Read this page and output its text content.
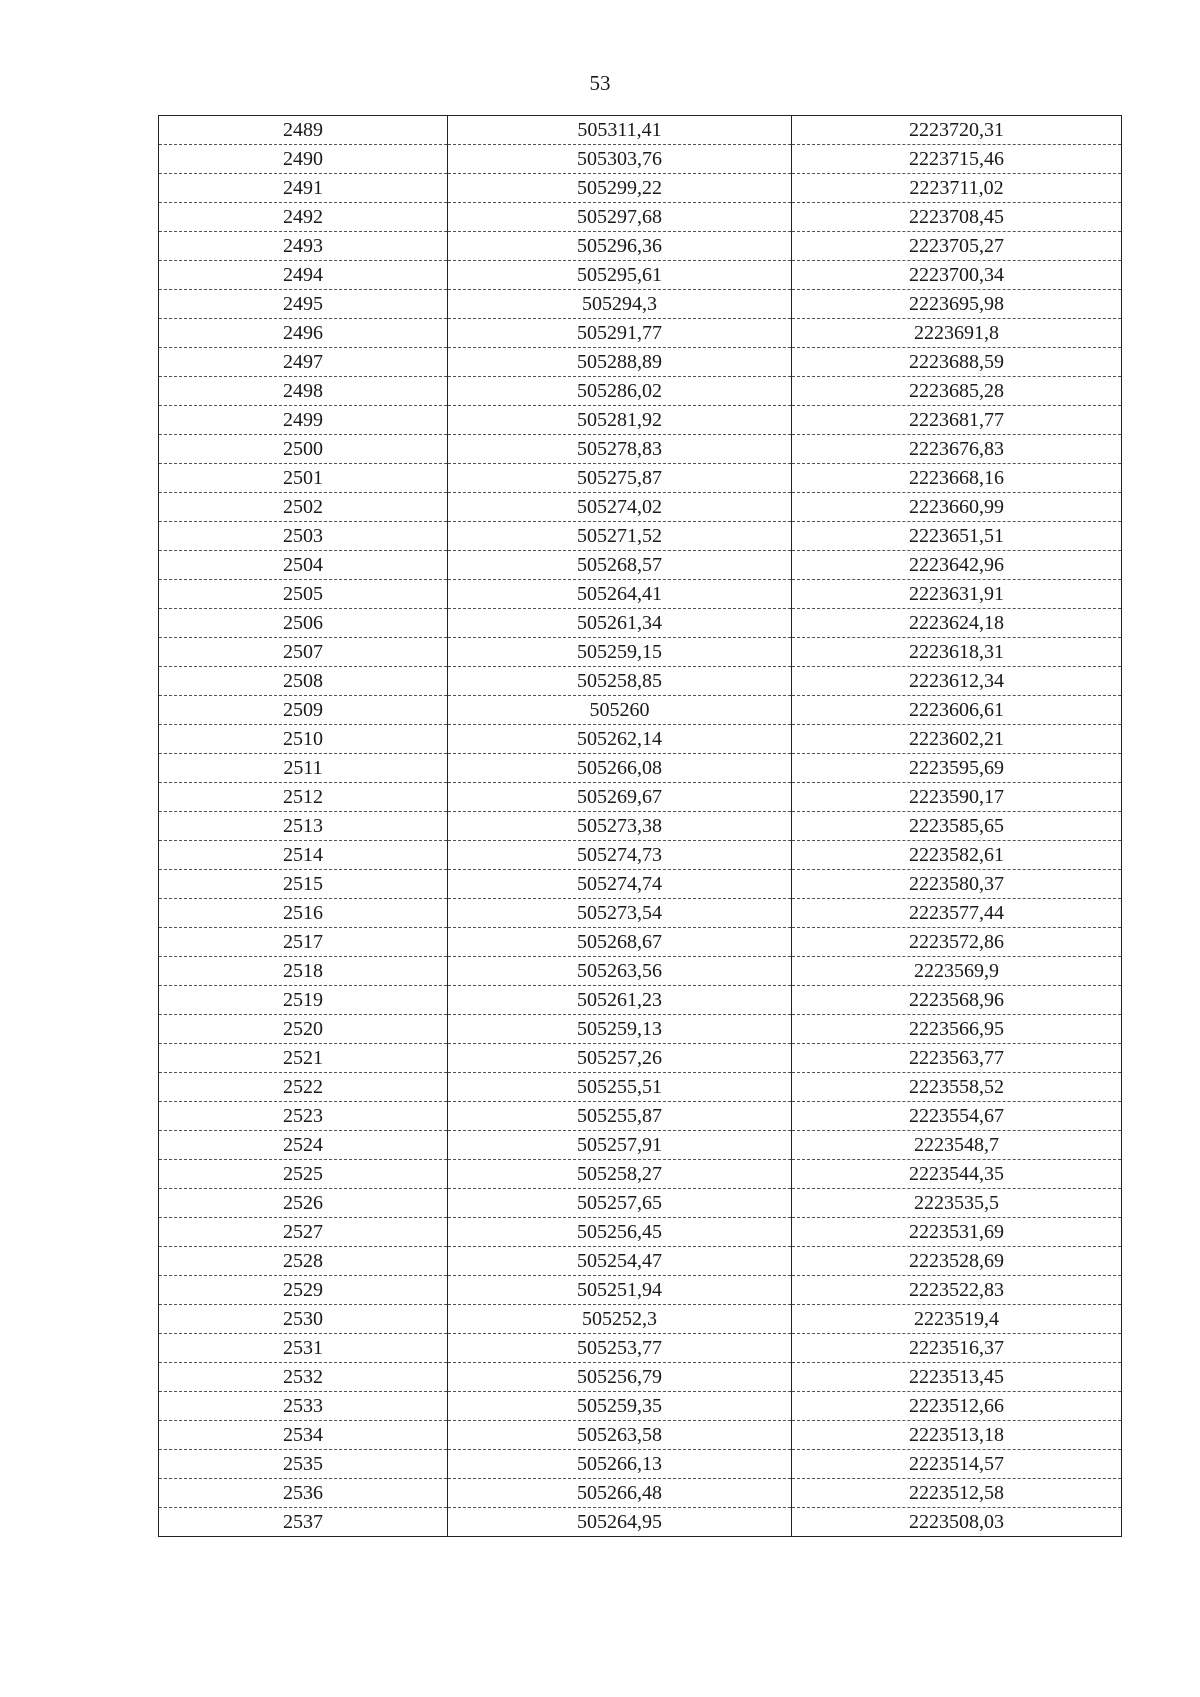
53
2489	505311,41	2223720,31
2490	505303,76	2223715,46
2491	505299,22	2223711,02
2492	505297,68	2223708,45
2493	505296,36	2223705,27
2494	505295,61	2223700,34
2495	505294,3	2223695,98
2496	505291,77	2223691,8
2497	505288,89	2223688,59
2498	505286,02	2223685,28
2499	505281,92	2223681,77
2500	505278,83	2223676,83
2501	505275,87	2223668,16
2502	505274,02	2223660,99
2503	505271,52	2223651,51
2504	505268,57	2223642,96
2505	505264,41	2223631,91
2506	505261,34	2223624,18
2507	505259,15	2223618,31
2508	505258,85	2223612,34
2509	505260	2223606,61
2510	505262,14	2223602,21
2511	505266,08	2223595,69
2512	505269,67	2223590,17
2513	505273,38	2223585,65
2514	505274,73	2223582,61
2515	505274,74	2223580,37
2516	505273,54	2223577,44
2517	505268,67	2223572,86
2518	505263,56	2223569,9
2519	505261,23	2223568,96
2520	505259,13	2223566,95
2521	505257,26	2223563,77
2522	505255,51	2223558,52
2523	505255,87	2223554,67
2524	505257,91	2223548,7
2525	505258,27	2223544,35
2526	505257,65	2223535,5
2527	505256,45	2223531,69
2528	505254,47	2223528,69
2529	505251,94	2223522,83
2530	505252,3	2223519,4
2531	505253,77	2223516,37
2532	505256,79	2223513,45
2533	505259,35	2223512,66
2534	505263,58	2223513,18
2535	505266,13	2223514,57
2536	505266,48	2223512,58
2537	505264,95	2223508,03
